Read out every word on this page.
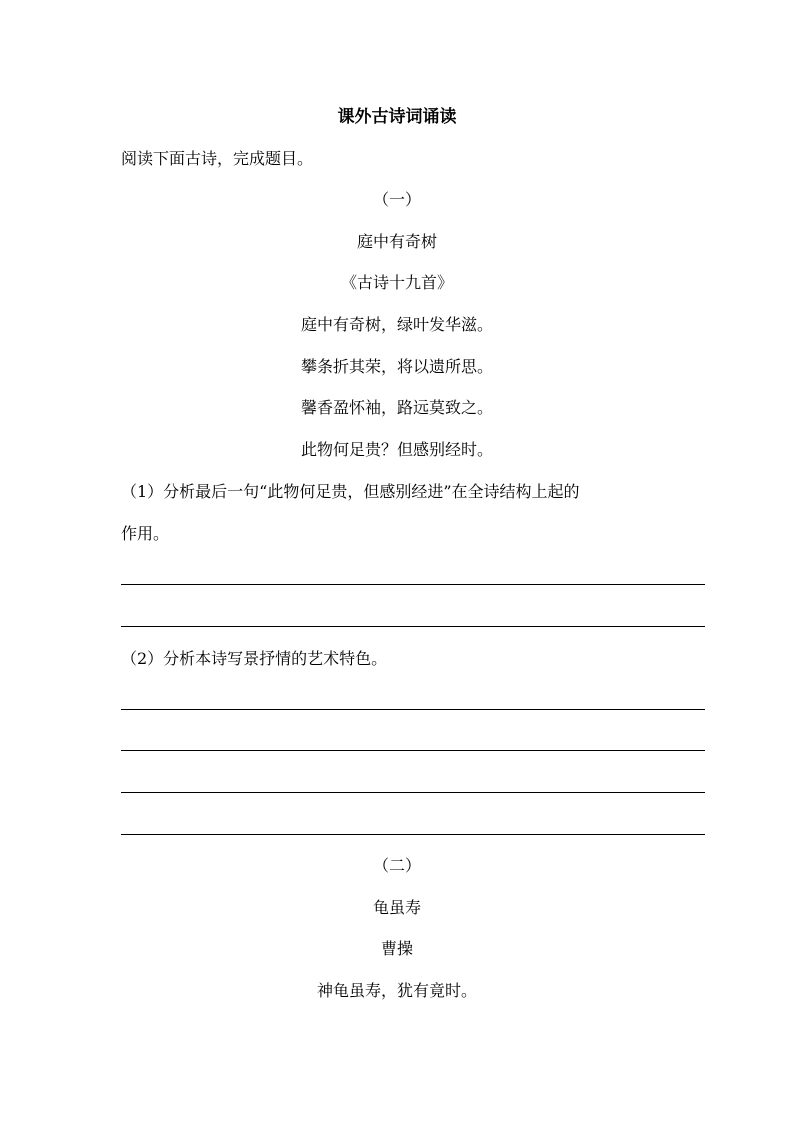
课外古诗词诵读
阅读下面古诗，完成题目。
（一）
庭中有奇树
《古诗十九首》
庭中有奇树，绿叶发华滋。
攀条折其荣，将以遗所思。
馨香盈怀袖，路远莫致之。
此物何足贵？但感别经时。
（1）分析最后一句“此物何足贵，但感别经进”在全诗结构上起的
作用。
（2）分析本诗写景抒情的艺术特色。
（二）
龟虽寿
曹操
神龟虽寿，犹有竟时。
